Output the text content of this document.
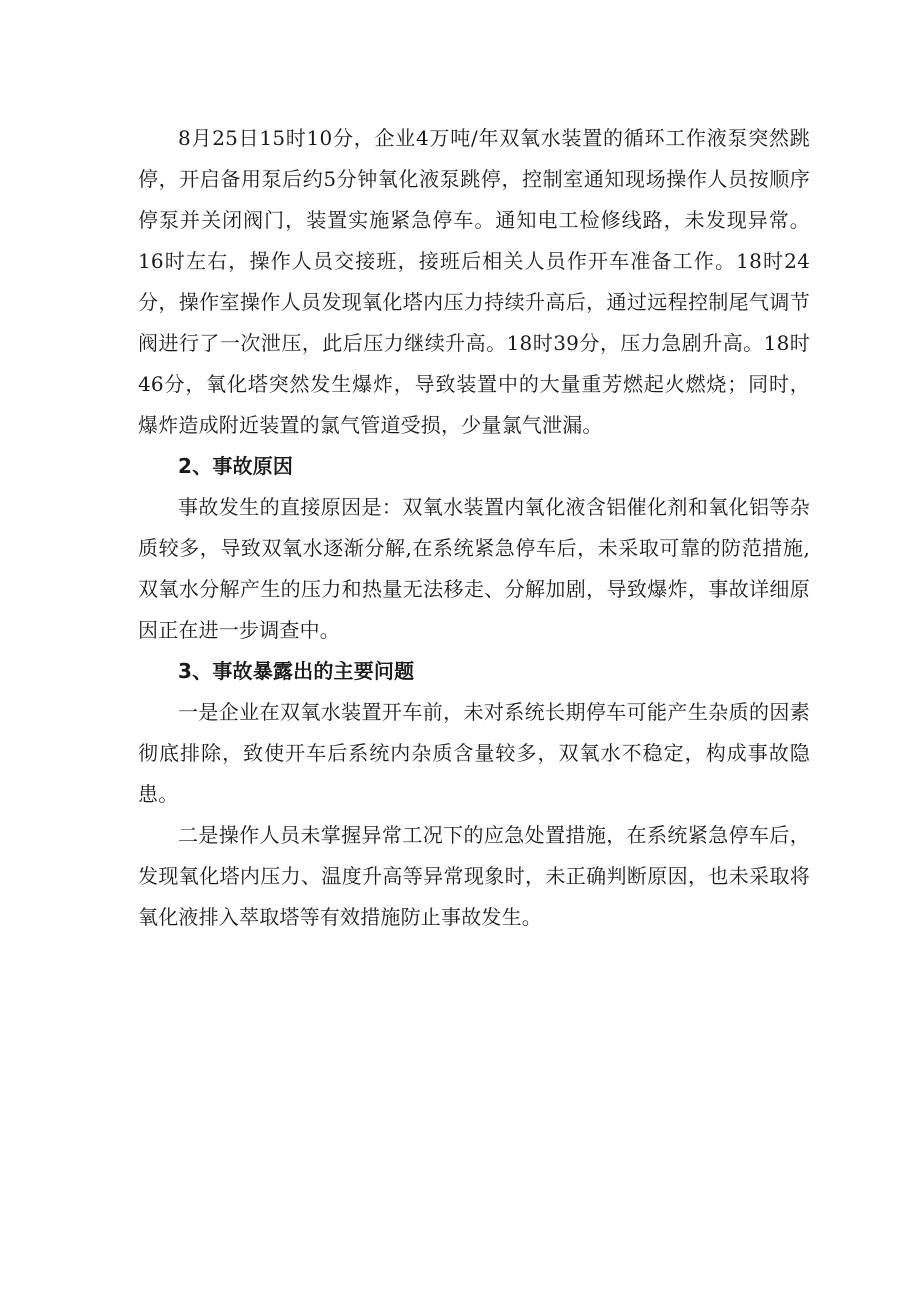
8月25日15时10分，企业4万吨/年双氧水装置的循环工作液泵突然跳停，开启备用泵后约5分钟氧化液泵跳停，控制室通知现场操作人员按顺序停泵并关闭阀门，装置实施紧急停车。通知电工检修线路，未发现异常。16时左右，操作人员交接班，接班后相关人员作开车准备工作。18时24分，操作室操作人员发现氧化塔内压力持续升高后，通过远程控制尾气调节阀进行了一次泄压，此后压力继续升高。18时39分，压力急剧升高。18时46分，氧化塔突然发生爆炸，导致装置中的大量重芳燃起火燃烧；同时，爆炸造成附近装置的氯气管道受损，少量氯气泄漏。

2、事故原因

事故发生的直接原因是：双氧水装置内氧化液含铝催化剂和氧化铝等杂质较多，导致双氧水逐渐分解,在系统紧急停车后，未采取可靠的防范措施,双氧水分解产生的压力和热量无法移走、分解加剧，导致爆炸，事故详细原因正在进一步调查中。

3、事故暴露出的主要问题

一是企业在双氧水装置开车前，未对系统长期停车可能产生杂质的因素彻底排除，致使开车后系统内杂质含量较多，双氧水不稳定，构成事故隐患。

二是操作人员未掌握异常工况下的应急处置措施，在系统紧急停车后，发现氧化塔内压力、温度升高等异常现象时，未正确判断原因，也未采取将氧化液排入萃取塔等有效措施防止事故发生。
